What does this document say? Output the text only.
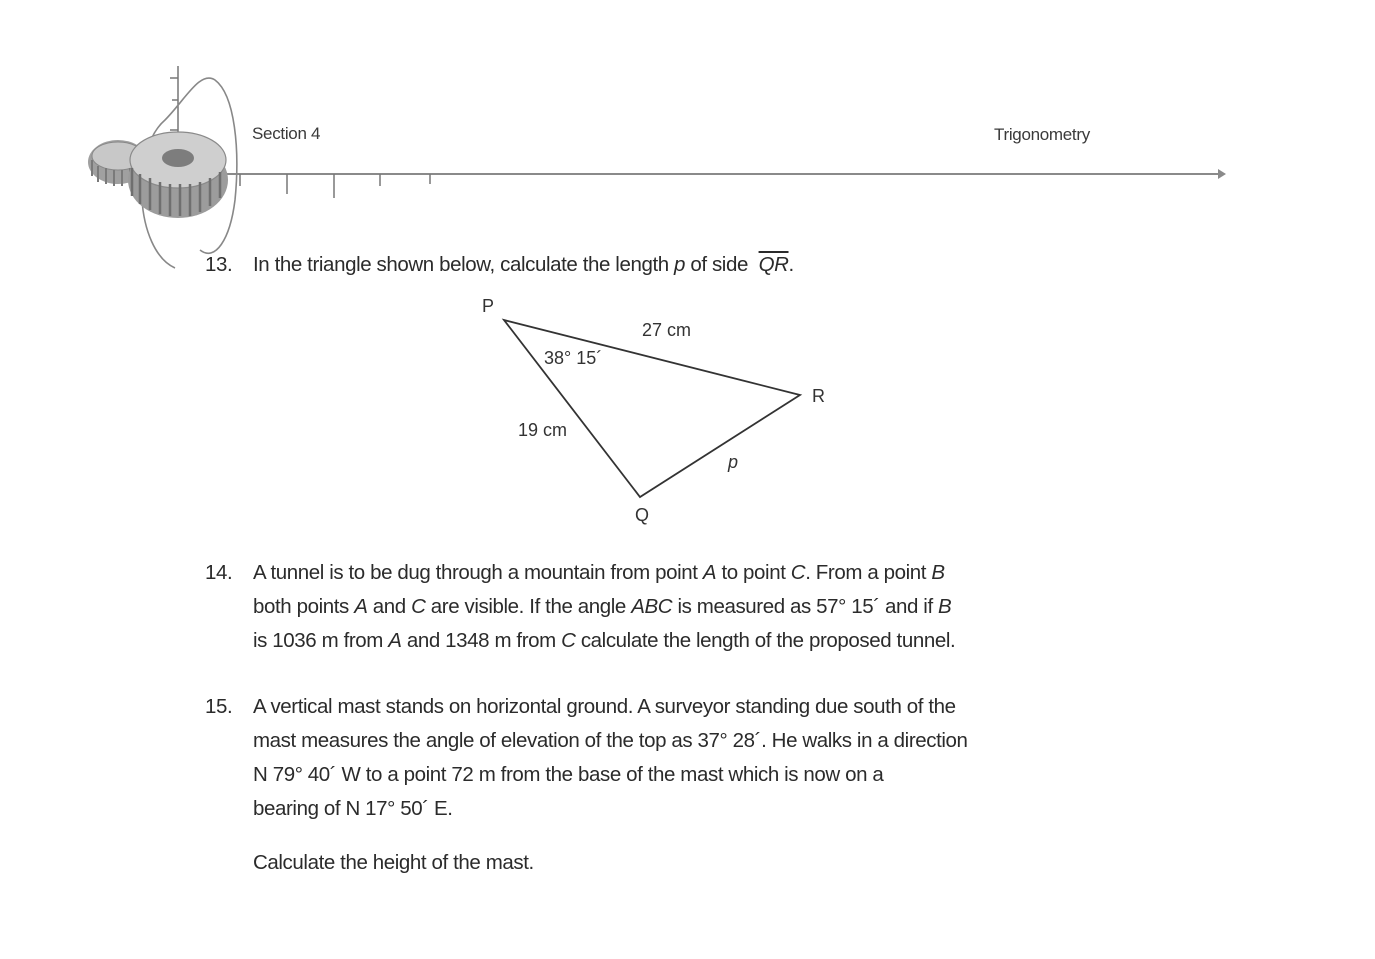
Section 4	Trigonometry
13. In the triangle shown below, calculate the length p of side  $\overline{QR}$.
P
R
Q
27 cm
19 cm
p
38° 15´
14. A tunnel is to be dug through a mountain from point A to point C. From a point B
both points A and C are visible. If the angle ABC is measured as 57° 15´ and if B
is 1036 m from A and 1348 m from C calculate the length of the proposed tunnel.
15. A vertical mast stands on horizontal ground. A surveyor standing due south of the
mast measures the angle of elevation of the top as 37° 28´. He walks in a direction
N 79° 40´ W to a point 72 m from the base of the mast which is now on a
bearing of N 17° 50´ E.
Calculate the height of the mast.
